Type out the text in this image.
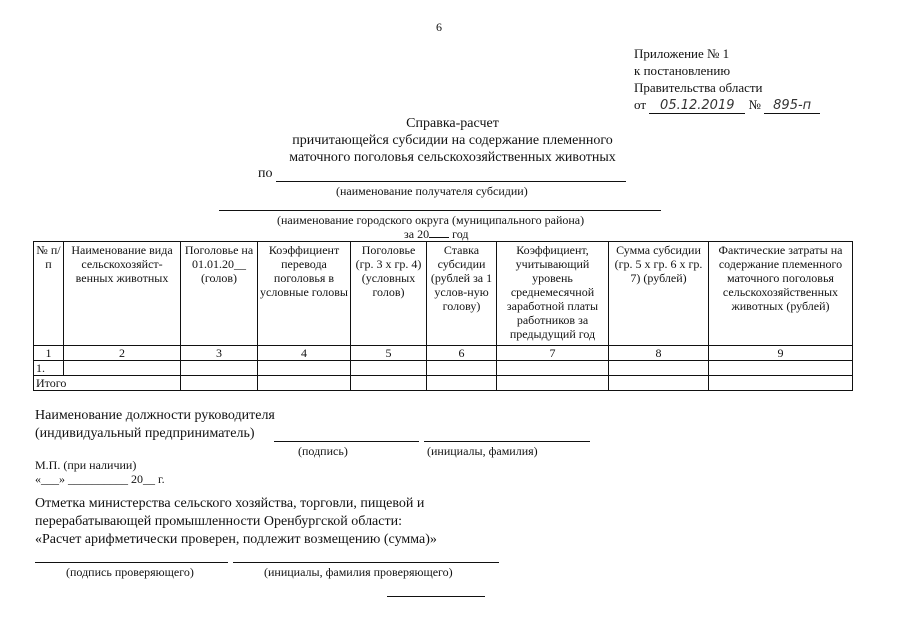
6
Приложение № 1
к постановлению
Правительства области
от 05.12.2019 № 895-п
Справка-расчет
причитающейся субсидии на содержание племенного
маточного поголовья сельскохозяйственных животных
по
(наименование получателя субсидии)
(наименование городского округа (муниципального района)
за 20 год
№ п/п	Наименование вида сельскохозяйст-венных животных	Поголовье на 01.01.20__ (голов)	Коэффициент перевода поголовья в условные головы	Поголовье (гр. 3 х гр. 4) (условных голов)	Ставка субсидии (рублей за 1 услов-ную голову)	Коэффициент, учитывающий уровень среднемесячной заработной платы работников за предыдущий год	Сумма субсидии (гр. 5 х гр. 6 х гр. 7) (рублей)	Фактические затраты на содержание племенного маточного поголовья сельскохозяйственных животных (рублей)
1	2	3	4	5	6	7	8	9
1.								
Итого								
Наименование должности руководителя
(индивидуальный предприниматель)
(подпись)	(инициалы, фамилия)
М.П. (при наличии)
«___» __________ 20__ г.
Отметка министерства сельского хозяйства, торговли, пищевой и
перерабатывающей промышленности Оренбургской области:
«Расчет арифметически проверен, подлежит возмещению (сумма)»
(подпись проверяющего)	(инициалы, фамилия проверяющего)
